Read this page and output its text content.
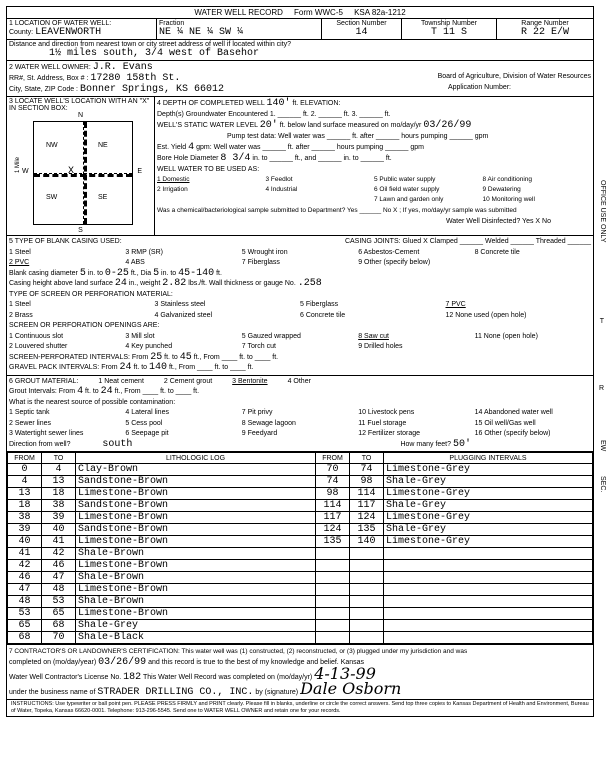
WATER WELL RECORD Form WWC-5 KSA 82a-1212
1 LOCATION OF WATER WELL:
County: LEAVENWORTH
Fraction
NE ¼ NE ¼ SW ¼
Section Number
14
Township Number
T 11 S
Range Number
R 22 E/W
Distance and direction from nearest town or city street address of well if located within city?
1½ miles south, 3/4 west of Basehor
2 WATER WELL OWNER: J.R. Evans
RR#, St. Address, Box # : 17280 158th St.	Board of Agriculture, Division of Water Resources
City, State, ZIP Code : Bonner Springs, KS 66012	Application Number:
3 LOCATE WELL'S LOCATION WITH AN "X" IN SECTION BOX:
N
NW	NE
SW	SE
X
W	E
1 Mile
S
4 DEPTH OF COMPLETED WELL 140' ft. ELEVATION:
Depth(s) Groundwater Encountered 1. ______ ft. 2. ______ ft. 3. ______ ft.
WELL'S STATIC WATER LEVEL 20' ft. below land surface measured on mo/day/yr 03/26/99
Pump test data: Well water was ______ ft. after ______ hours pumping ______ gpm
Est. Yield 4 gpm: Well water was ______ ft. after ______ hours pumping ______ gpm
Bore Hole Diameter 8 3/4 in. to ______ ft., and ______ in. to ______ ft.
WELL WATER TO BE USED AS:
1 Domestic	3 Feedlot	5 Public water supply	8 Air conditioning
2 Irrigation	4 Industrial	6 Oil field water supply	9 Dewatering
7 Lawn and garden only	10 Monitoring well
Was a chemical/bacteriological sample submitted to Department? Yes ______ No X ; If yes, mo/day/yr sample was submitted
Water Well Disinfected? Yes X No
5 TYPE OF BLANK CASING USED:	CASING JOINTS: Glued X Clamped ______ Welded ______ Threaded ______
1 Steel	3 RMP (SR)	5 Wrought iron	6 Asbestos-Cement	8 Concrete tile
2 PVC	4 ABS	7 Fiberglass	9 Other (specify below)
Blank casing diameter 5 in. to 0-25 ft., Dia 5 in. to 45-140 ft.
Casing height above land surface 24 in., weight 2.82 lbs./ft. Wall thickness or gauge No. .258
TYPE OF SCREEN OR PERFORATION MATERIAL:
1 Steel	3 Stainless steel	5 Fiberglass	7 PVC
2 Brass	4 Galvanized steel	6 Concrete tile	12 None used (open hole)
SCREEN OR PERFORATION OPENINGS ARE:
1 Continuous slot	3 Mill slot	5 Gauzed wrapped	8 Saw cut	11 None (open hole)
2 Louvered shutter	4 Key punched	7 Torch cut	9 Drilled holes
SCREEN-PERFORATED INTERVALS: From 25 ft. to 45 ft., From ____ ft. to ____ ft.
GRAVEL PACK INTERVALS: From 24 ft. to 140 ft., From ____ ft. to ____ ft.
6 GROUT MATERIAL:	1 Neat cement	2 Cement grout	3 Bentonite	4 Other
Grout Intervals: From 4 ft. to 24 ft., From ____ ft. to ____ ft.
What is the nearest source of possible contamination:
1 Septic tank	4 Lateral lines	7 Pit privy	10 Livestock pens	14 Abandoned water well
2 Sewer lines	5 Cess pool	8 Sewage lagoon	11 Fuel storage	15 Oil well/Gas well
3 Watertight sewer lines	6 Seepage pit	9 Feedyard	12 Fertilizer storage	16 Other (specify below)
Direction from well?	south	How many feet? 50'
FROM	TO	LITHOLOGIC LOG	FROM	TO	PLUGGING INTERVALS
0	4	Clay-Brown	70	74	Limestone-Grey
4	13	Sandstone-Brown	74	98	Shale-Grey
13	18	Limestone-Brown	98	114	Limestone-Grey
18	38	Sandstone-Brown	114	117	Shale-Grey
38	39	Limestone-Brown	117	124	Limestone-Grey
39	40	Sandstone-Brown	124	135	Shale-Grey
40	41	Limestone-Brown	135	140	Limestone-Grey
41	42	Shale-Brown			
42	46	Limestone-Brown			
46	47	Shale-Brown			
47	48	Limestone-Brown			
48	53	Shale-Brown			
53	65	Limestone-Brown			
65	68	Shale-Grey			
68	70	Shale-Black			
7 CONTRACTOR'S OR LANDOWNER'S CERTIFICATION: This water well was (1) constructed, (2) reconstructed, or (3) plugged under my jurisdiction and was
completed on (mo/day/year) 03/26/99 and this record is true to the best of my knowledge and belief. Kansas
Water Well Contractor's License No. 182 This Water Well Record was completed on (mo/day/yr) 4-13-99
under the business name of STRADER DRILLING CO., INC. by (signature) Dale Osborn
INSTRUCTIONS: Use typewriter or ball point pen. PLEASE PRESS FIRMLY and PRINT clearly. Please fill in blanks, underline or circle the correct answers. Send top three copies to Kansas Department of Health and Environment, Bureau of Water, Topeka, Kansas 66620-0001. Telephone: 913-296-5545. Send one to WATER WELL OWNER and retain one for your records.
OFFICE USE ONLY
T
R
EW
SEC.
